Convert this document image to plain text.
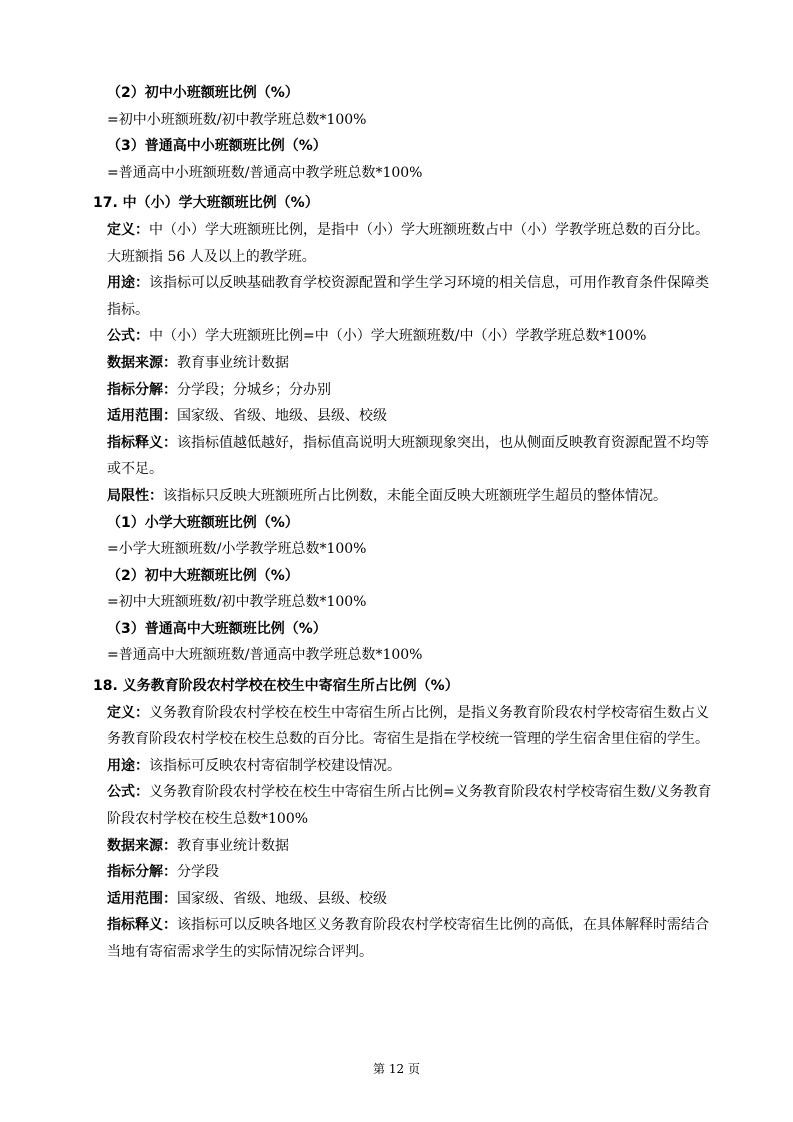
（2）初中小班额班比例（%）

=初中小班额班数/初中教学班总数*100%

（3）普通高中小班额班比例（%）

=普通高中小班额班数/普通高中教学班总数*100%

17. 中（小）学大班额班比例（%）

定义：中（小）学大班额班比例，是指中（小）学大班额班数占中（小）学教学班总数的百分比。大班额指 56 人及以上的教学班。

用途：该指标可以反映基础教育学校资源配置和学生学习环境的相关信息，可用作教育条件保障类指标。

公式：中（小）学大班额班比例=中（小）学大班额班数/中（小）学教学班总数*100%

数据来源：教育事业统计数据

指标分解：分学段；分城乡；分办别

适用范围：国家级、省级、地级、县级、校级

指标释义：该指标值越低越好，指标值高说明大班额现象突出，也从侧面反映教育资源配置不均等或不足。

局限性：该指标只反映大班额班所占比例数，未能全面反映大班额班学生超员的整体情况。

（1）小学大班额班比例（%）

=小学大班额班数/小学教学班总数*100%

（2）初中大班额班比例（%）

=初中大班额班数/初中教学班总数*100%

（3）普通高中大班额班比例（%）

=普通高中大班额班数/普通高中教学班总数*100%

18. 义务教育阶段农村学校在校生中寄宿生所占比例（%）

定义：义务教育阶段农村学校在校生中寄宿生所占比例，是指义务教育阶段农村学校寄宿生数占义务教育阶段农村学校在校生总数的百分比。寄宿生是指在学校统一管理的学生宿舍里住宿的学生。

用途：该指标可反映农村寄宿制学校建设情况。

公式：义务教育阶段农村学校在校生中寄宿生所占比例=义务教育阶段农村学校寄宿生数/义务教育阶段农村学校在校生总数*100%

数据来源：教育事业统计数据

指标分解：分学段

适用范围：国家级、省级、地级、县级、校级

指标释义：该指标可以反映各地区义务教育阶段农村学校寄宿生比例的高低，在具体解释时需结合当地有寄宿需求学生的实际情况综合评判。

第 12 页
